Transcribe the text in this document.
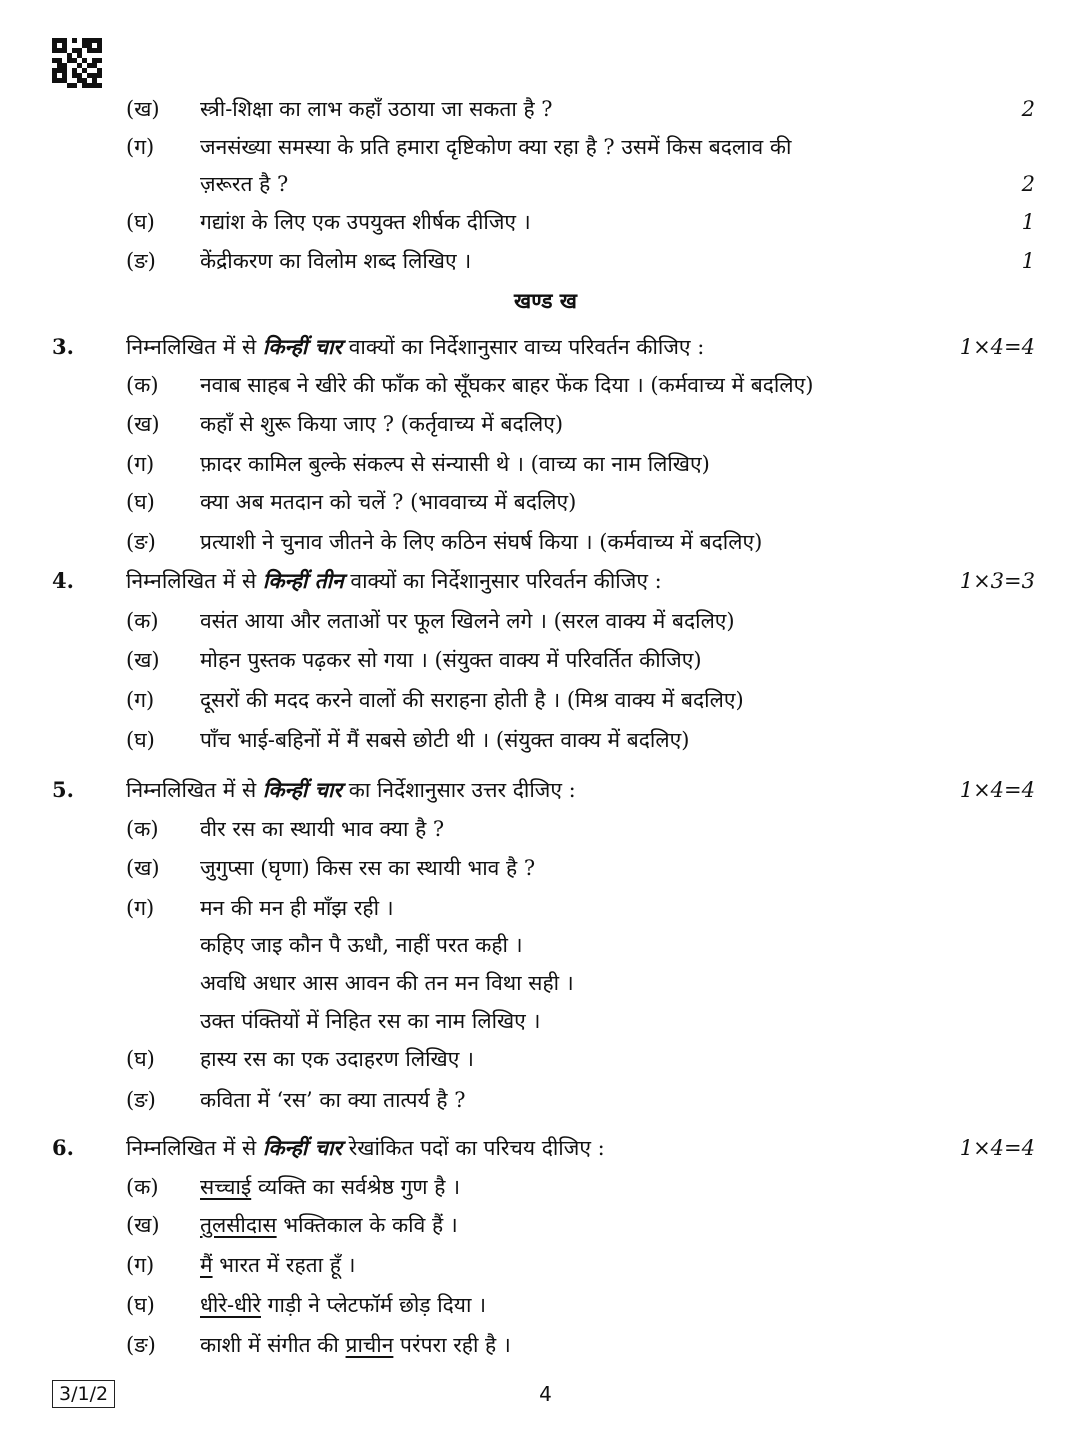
(ख) स्त्री-शिक्षा का लाभ कहाँ उठाया जा सकता है ?	2
(ग) जनसंख्या समस्या के प्रति हमारा दृष्टिकोण क्या रहा है ? उसमें किस बदलाव की
ज़रूरत है ?	2
(घ) गद्यांश के लिए एक उपयुक्त शीर्षक दीजिए ।	1
(ङ) केंद्रीकरण का विलोम शब्द लिखिए ।	1
खण्ड ख
3. निम्नलिखित में से किन्हीं चार वाक्यों का निर्देशानुसार वाच्य परिवर्तन कीजिए :	1×4=4
(क) नवाब साहब ने खीरे की फाँक को सूँघकर बाहर फेंक दिया । (कर्मवाच्य में बदलिए)
(ख) कहाँ से शुरू किया जाए ? (कर्तृवाच्य में बदलिए)
(ग) फ़ादर कामिल बुल्के संकल्प से संन्यासी थे । (वाच्य का नाम लिखिए)
(घ) क्या अब मतदान को चलें ? (भाववाच्य में बदलिए)
(ङ) प्रत्याशी ने चुनाव जीतने के लिए कठिन संघर्ष किया । (कर्मवाच्य में बदलिए)
4. निम्नलिखित में से किन्हीं तीन वाक्यों का निर्देशानुसार परिवर्तन कीजिए :	1×3=3
(क) वसंत आया और लताओं पर फूल खिलने लगे । (सरल वाक्य में बदलिए)
(ख) मोहन पुस्तक पढ़कर सो गया । (संयुक्त वाक्य में परिवर्तित कीजिए)
(ग) दूसरों की मदद करने वालों की सराहना होती है । (मिश्र वाक्य में बदलिए)
(घ) पाँच भाई-बहिनों में मैं सबसे छोटी थी । (संयुक्त वाक्य में बदलिए)
5. निम्नलिखित में से किन्हीं चार का निर्देशानुसार उत्तर दीजिए :	1×4=4
(क) वीर रस का स्थायी भाव क्या है ?
(ख) जुगुप्सा (घृणा) किस रस का स्थायी भाव है ?
(ग) मन की मन ही माँझ रही ।
कहिए जाइ कौन पै ऊधौ, नाहीं परत कही ।
अवधि अधार आस आवन की तन मन विथा सही ।
उक्त पंक्तियों में निहित रस का नाम लिखिए ।
(घ) हास्य रस का एक उदाहरण लिखिए ।
(ङ) कविता में ‘रस’ का क्या तात्पर्य है ?
6. निम्नलिखित में से किन्हीं चार रेखांकित पदों का परिचय दीजिए :	1×4=4
(क) सच्चाई व्यक्ति का सर्वश्रेष्ठ गुण है ।
(ख) तुलसीदास भक्तिकाल के कवि हैं ।
(ग) मैं भारत में रहता हूँ ।
(घ) धीरे-धीरे गाड़ी ने प्लेटफॉर्म छोड़ दिया ।
(ङ) काशी में संगीत की प्राचीन परंपरा रही है ।
3/1/2	4
